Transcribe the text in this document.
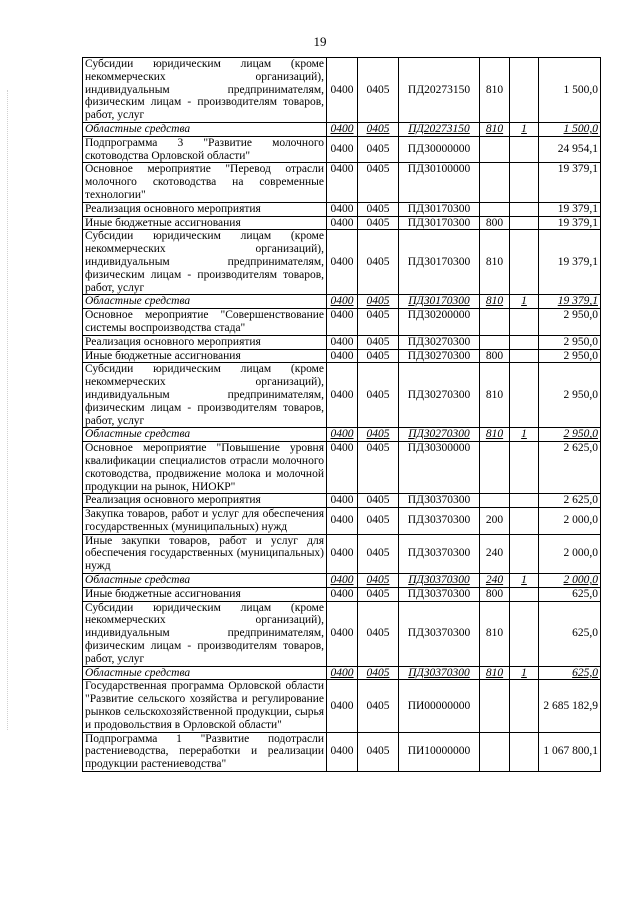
19
Субсидии юридическим лицам (кроме некоммерческих организаций), индивидуальным предпринимателям, физическим лицам - производителям товаров, работ, услуг	0400	0405	ПД20273150	810		1 500,0
Областные средства	0400	0405	ПД20273150	810	1	1 500,0
Подпрограмма 3 "Развитие молочного скотоводства Орловской области"	0400	0405	ПДЗ0000000			24 954,1
Основное мероприятие "Перевод отрасли молочного скотоводства на современные технологии"	0400	0405	ПДЗ0100000			19 379,1
Реализация основного мероприятия	0400	0405	ПДЗ0170300			19 379,1
Иные бюджетные ассигнования	0400	0405	ПДЗ0170300	800		19 379,1
Субсидии юридическим лицам (кроме некоммерческих организаций), индивидуальным предпринимателям, физическим лицам - производителям товаров, работ, услуг	0400	0405	ПДЗ0170300	810		19 379,1
Областные средства	0400	0405	ПДЗ0170300	810	1	19 379,1
Основное мероприятие "Совершенствование системы воспроизводства стада"	0400	0405	ПДЗ0200000			2 950,0
Реализация основного мероприятия	0400	0405	ПДЗ0270300			2 950,0
Иные бюджетные ассигнования	0400	0405	ПДЗ0270300	800		2 950,0
Субсидии юридическим лицам (кроме некоммерческих организаций), индивидуальным предпринимателям, физическим лицам - производителям товаров, работ, услуг	0400	0405	ПДЗ0270300	810		2 950,0
Областные средства	0400	0405	ПДЗ0270300	810	1	2 950,0
Основное мероприятие "Повышение уровня квалификации специалистов отрасли молочного скотоводства, продвижение молока и молочной продукции на рынок, НИОКР"	0400	0405	ПДЗ0300000			2 625,0
Реализация основного мероприятия	0400	0405	ПДЗ0370300			2 625,0
Закупка товаров, работ и услуг для обеспечения государственных (муниципальных) нужд	0400	0405	ПДЗ0370300	200		2 000,0
Иные закупки товаров, работ и услуг для обеспечения государственных (муниципальных) нужд	0400	0405	ПДЗ0370300	240		2 000,0
Областные средства	0400	0405	ПДЗ0370300	240	1	2 000,0
Иные бюджетные ассигнования	0400	0405	ПДЗ0370300	800		625,0
Субсидии юридическим лицам (кроме некоммерческих организаций), индивидуальным предпринимателям, физическим лицам - производителям товаров, работ, услуг	0400	0405	ПДЗ0370300	810		625,0
Областные средства	0400	0405	ПДЗ0370300	810	1	625,0
Государственная программа Орловской области "Развитие сельского хозяйства и регулирование рынков сельскохозяйственной продукции, сырья и продовольствия в Орловской области"	0400	0405	ПИ00000000			2 685 182,9
Подпрограмма 1 "Развитие подотрасли растениеводства, переработки и реализации продукции растениеводства"	0400	0405	ПИ10000000			1 067 800,1
